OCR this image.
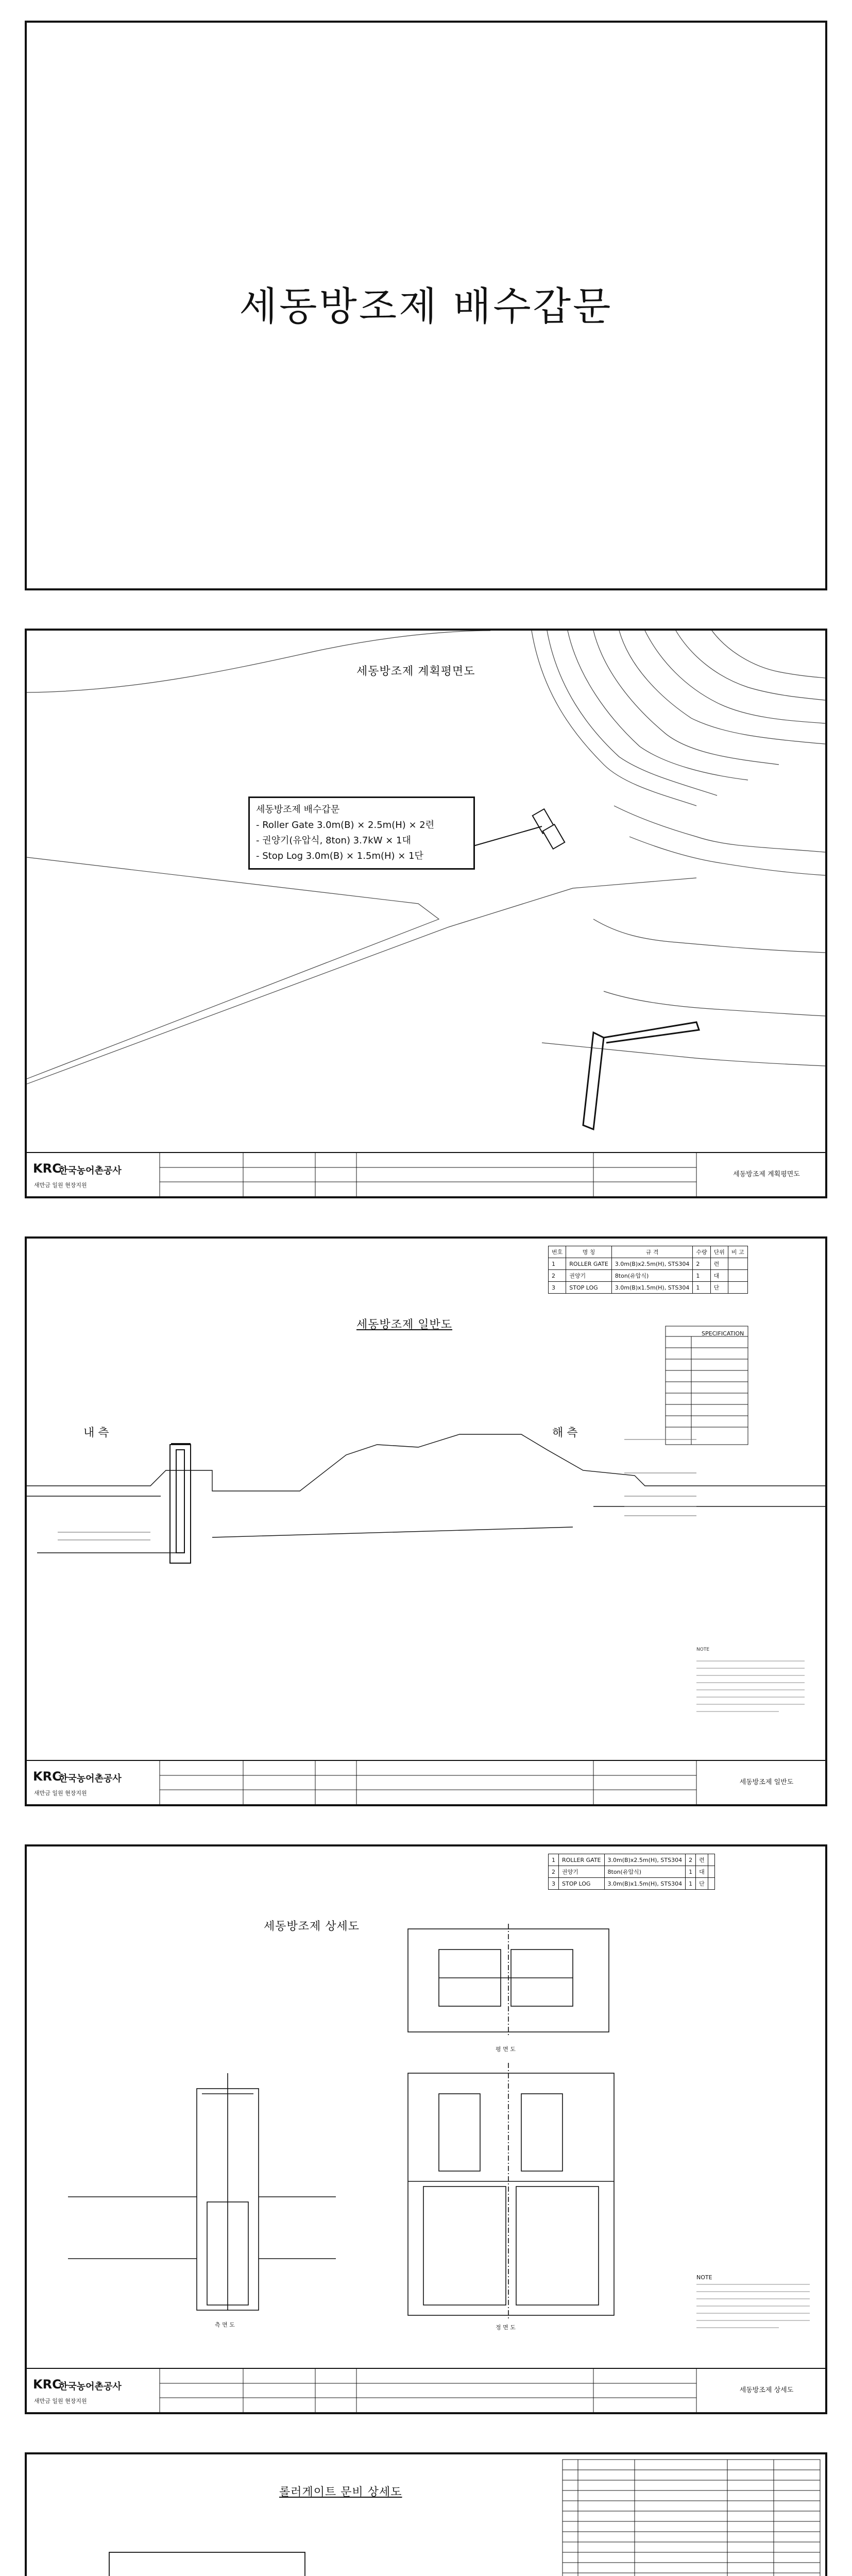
세동방조제 배수갑문
세동방조제 계획평면도
세동방조제 배수갑문
- Roller Gate 3.0m(B) × 2.5m(H) × 2련
- 권양기(유압식, 8ton) 3.7kW × 1대
- Stop Log 3.0m(B) × 1.5m(H) × 1단
KRC
한국농어촌공사
새만금 일원 현장지원
세동방조제 계획평면도
번호	명 칭	규 격	수량	단위	비 고
1	ROLLER GATE	3.0m(B)x2.5m(H), STS304	2	련	
2	권양기	8ton(유압식)	1	대	
3	STOP LOG	3.0m(B)x1.5m(H), STS304	1	단	
세동방조제 일반도
SPECIFICATION
NOTE
내 측	해 측
KRC
한국농어촌공사
새만금 일원 현장지원
세동방조제 일반도
1	ROLLER GATE	3.0m(B)x2.5m(H), STS304	2	련	
2	권양기	8ton(유압식)	1	대	
3	STOP LOG	3.0m(B)x1.5m(H), STS304	1	단	
세동방조제 상세도
NOTE
평 면 도
측 면 도	정 면 도
KRC
한국농어촌공사
새만금 일원 현장지원
세동방조제 상세도
롤러게이트 문비 상세도
